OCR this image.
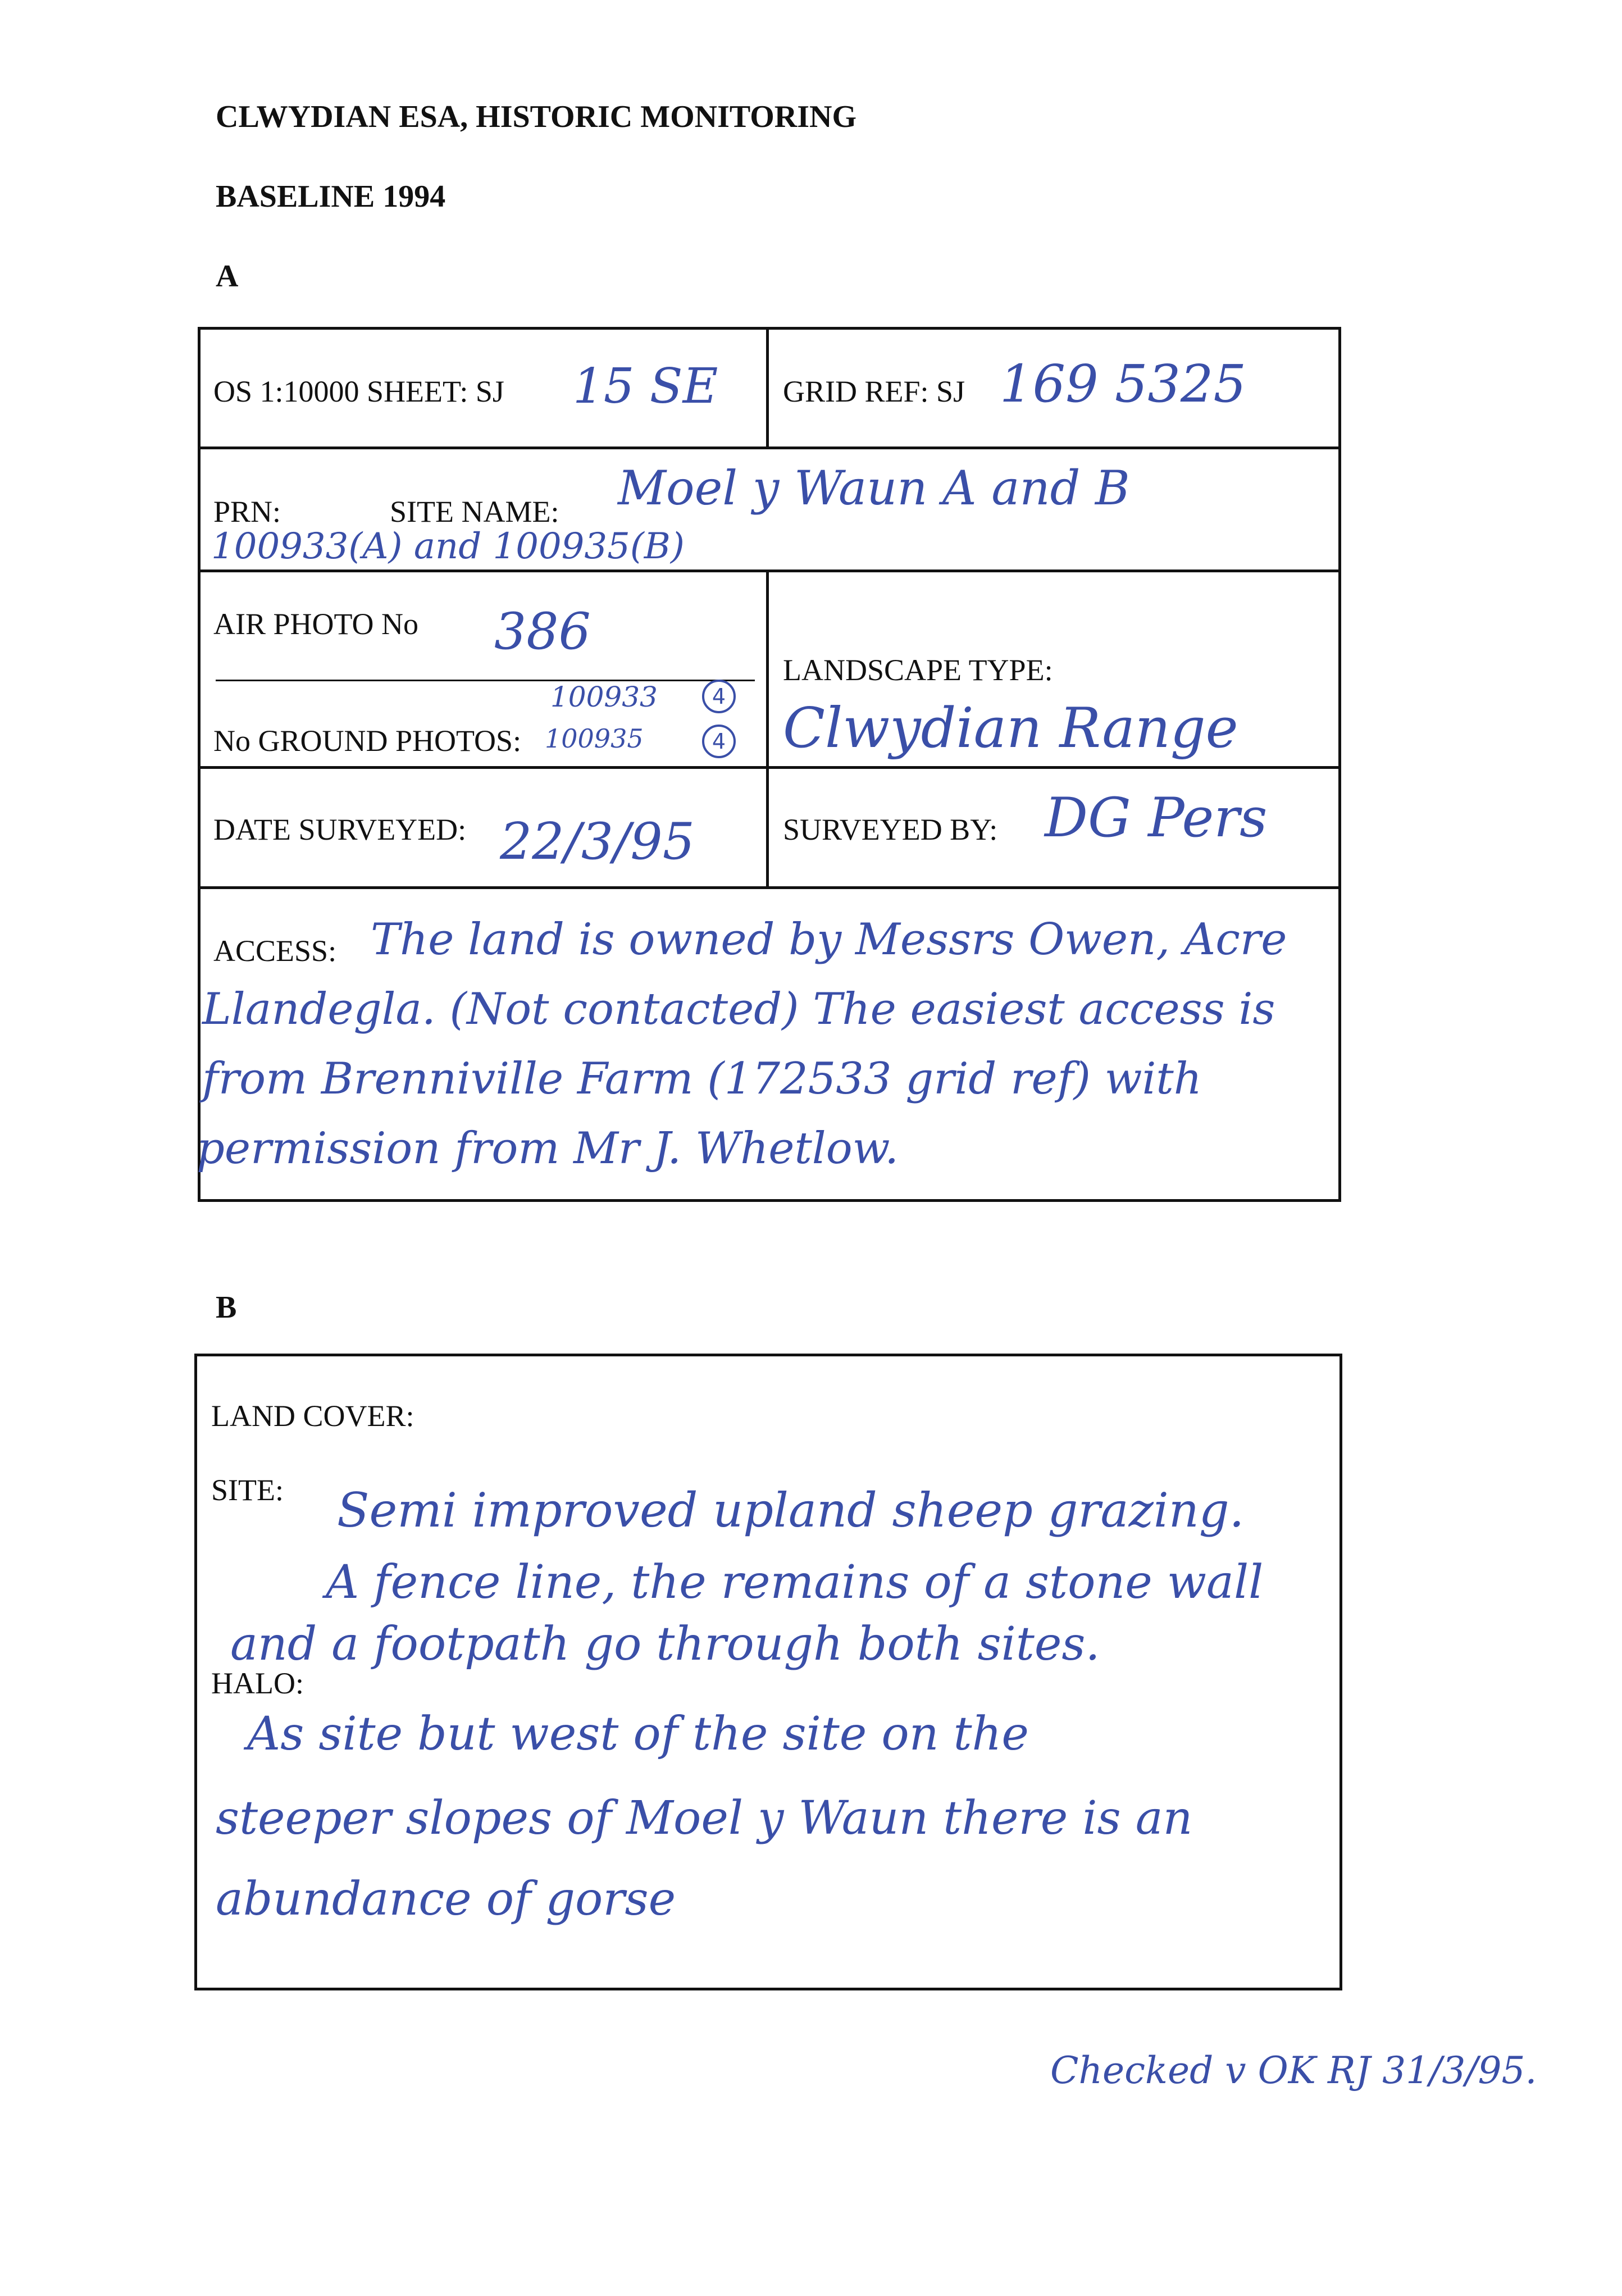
CLWYDIAN ESA, HISTORIC MONITORING
BASELINE 1994
A
OS 1:10000 SHEET: SJ 15 SE GRID REF: SJ 169 5325
PRN:	SITE NAME: Moel y Waun A and B
100933(A) and 100935(B)
AIR PHOTO No 386
100933	4
No GROUND PHOTOS: 100935	4
LANDSCAPE TYPE:
Clwydian Range
DATE SURVEYED: 22/3/95	SURVEYED BY: DG Pers
ACCESS: The land is owned by Messrs Owen, Acre
Llandegla. (Not contacted) The easiest access is
from Brenniville Farm (172533 grid ref) with
permission from Mr J. Whetlow.
B
LAND COVER:
SITE: Semi improved upland sheep grazing.
A fence line, the remains of a stone wall
and a footpath go through both sites.
HALO:
As site but west of the site on the
steeper slopes of Moel y Waun there is an
abundance of gorse
Checked v OK RJ 31/3/95.
